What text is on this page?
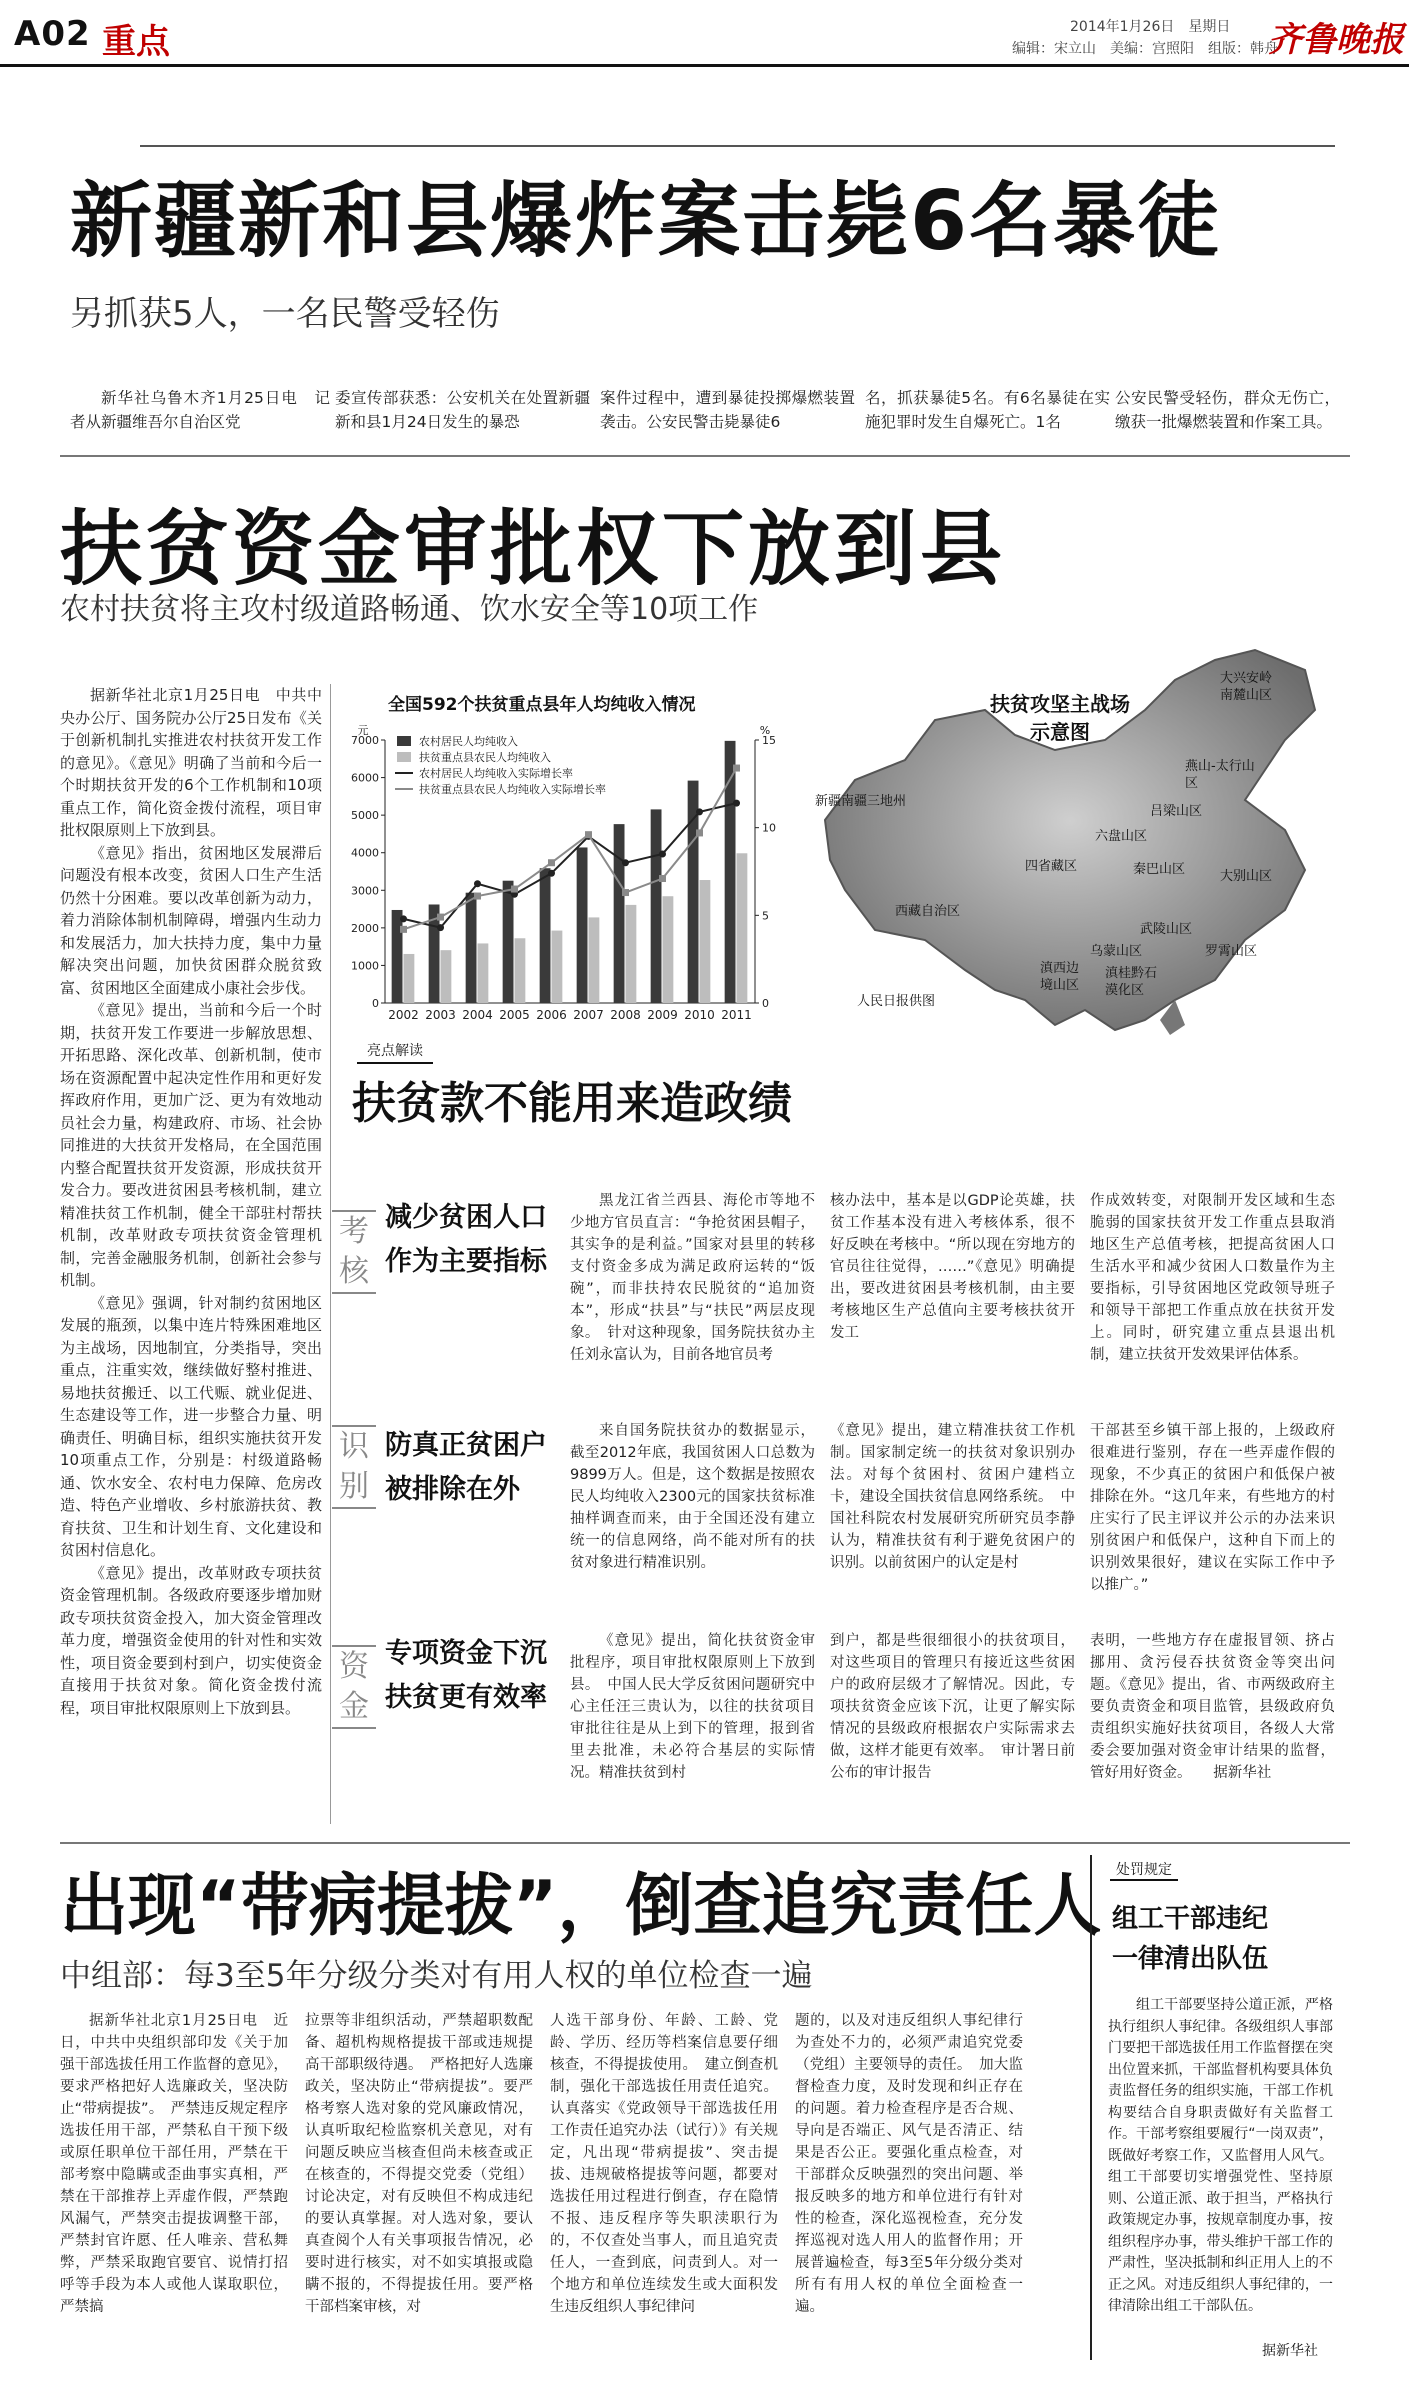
A02 重点	2014年1月26日　星期日
编辑：宋立山　美编：宫照阳　组版：韩舟
齐鲁晚报
新疆新和县爆炸案击毙6名暴徒
另抓获5人，一名民警受轻伤

新华社乌鲁木齐1月25日电　记者从新疆维吾尔自治区党

委宣传部获悉：公安机关在处置新疆新和县1月24日发生的暴恐

案件过程中，遭到暴徒投掷爆燃装置袭击。公安民警击毙暴徒6

名，抓获暴徒5名。有6名暴徒在实施犯罪时发生自爆死亡。1名

公安民警受轻伤，群众无伤亡，缴获一批爆燃装置和作案工具。

扶贫资金审批权下放到县
农村扶贫将主攻村级道路畅通、饮水安全等10项工作

据新华社北京1月25日电　中共中央办公厅、国务院办公厅25日发布《关于创新机制扎实推进农村扶贫开发工作的意见》。《意见》明确了当前和今后一个时期扶贫开发的6个工作机制和10项重点工作，简化资金拨付流程，项目审批权限原则上下放到县。

《意见》指出，贫困地区发展滞后问题没有根本改变，贫困人口生产生活仍然十分困难。要以改革创新为动力，着力消除体制机制障碍，增强内生动力和发展活力，加大扶持力度，集中力量解决突出问题，加快贫困群众脱贫致富、贫困地区全面建成小康社会步伐。

《意见》提出，当前和今后一个时期，扶贫开发工作要进一步解放思想、开拓思路、深化改革、创新机制，使市场在资源配置中起决定性作用和更好发挥政府作用，更加广泛、更为有效地动员社会力量，构建政府、市场、社会协同推进的大扶贫开发格局，在全国范围内整合配置扶贫开发资源，形成扶贫开发合力。要改进贫困县考核机制，建立精准扶贫工作机制，健全干部驻村帮扶机制，改革财政专项扶贫资金管理机制，完善金融服务机制，创新社会参与机制。

《意见》强调，针对制约贫困地区发展的瓶颈，以集中连片特殊困难地区为主战场，因地制宜，分类指导，突出重点，注重实效，继续做好整村推进、易地扶贫搬迁、以工代赈、就业促进、生态建设等工作，进一步整合力量、明确责任、明确目标，组织实施扶贫开发10项重点工作，分别是：村级道路畅通、饮水安全、农村电力保障、危房改造、特色产业增收、乡村旅游扶贫、教育扶贫、卫生和计划生育、文化建设和贫困村信息化。

《意见》提出，改革财政专项扶贫资金管理机制。各级政府要逐步增加财政专项扶贫资金投入，加大资金管理改革力度，增强资金使用的针对性和实效性，项目资金要到村到户，切实使资金直接用于扶贫对象。简化资金拨付流程，项目审批权限原则上下放到县。

全国592个扶贫重点县年人均纯收入情况
0
1000
2000
3000
4000
5000
6000
7000
元
0
5
10
15
%
2002 2003 2004 2005 2006 2007 2008 2009 2010 2011
农村居民人均纯收入
扶贫重点县农民人均纯收入
农村居民人均纯收入实际增长率
扶贫重点县农民人均纯收入实际增长率
扶贫攻坚主战场
示意图
大兴安岭南麓山区
新疆南疆三地州
燕山-太行山区
吕梁山区
六盘山区
四省藏区	秦巴山区	大别山区
西藏自治区
武陵山区
乌蒙山区	罗霄山区
滇西边境山区
滇桂黔石漠化区
人民日报供图
亮点解读
扶贫款不能用来造政绩
考
核
减少贫困人口
作为主要指标

黑龙江省兰西县、海伦市等地不少地方官员直言：“争抢贫困县帽子，其实争的是利益。”国家对县里的转移支付资金多成为满足政府运转的“饭碗”，而非扶持农民脱贫的“追加资本”，形成“扶县”与“扶民”两层皮现象。　针对这种现象，国务院扶贫办主任刘永富认为，目前各地官员考

核办法中，基本是以GDP论英雄，扶贫工作基本没有进入考核体系，很不好反映在考核中。“所以现在穷地方的官员往往觉得，……”《意见》明确提出，要改进贫困县考核机制，由主要考核地区生产总值向主要考核扶贫开发工

作成效转变，对限制开发区域和生态脆弱的国家扶贫开发工作重点县取消地区生产总值考核，把提高贫困人口生活水平和减少贫困人口数量作为主要指标，引导贫困地区党政领导班子和领导干部把工作重点放在扶贫开发上。同时，研究建立重点县退出机制，建立扶贫开发效果评估体系。

识
别
防真正贫困户
被排除在外

来自国务院扶贫办的数据显示，截至2012年底，我国贫困人口总数为9899万人。但是，这个数据是按照农民人均纯收入2300元的国家扶贫标准抽样调查而来，由于全国还没有建立统一的信息网络，尚不能对所有的扶贫对象进行精准识别。

《意见》提出，建立精准扶贫工作机制。国家制定统一的扶贫对象识别办法。对每个贫困村、贫困户建档立卡，建设全国扶贫信息网络系统。　中国社科院农村发展研究所研究员李静认为，精准扶贫有利于避免贫困户的识别。以前贫困户的认定是村

干部甚至乡镇干部上报的，上级政府很难进行鉴别，存在一些弄虚作假的现象，不少真正的贫困户和低保户被排除在外。“这几年来，有些地方的村庄实行了民主评议并公示的办法来识别贫困户和低保户，这种自下而上的识别效果很好，建议在实际工作中予以推广。”

资
金
专项资金下沉
扶贫更有效率

《意见》提出，简化扶贫资金审批程序，项目审批权限原则上下放到县。　中国人民大学反贫困问题研究中心主任汪三贵认为，以往的扶贫项目审批往往是从上到下的管理，报到省里去批准，未必符合基层的实际情况。精准扶贫到村

到户，都是些很细很小的扶贫项目，对这些项目的管理只有接近这些贫困户的政府层级才了解情况。因此，专项扶贫资金应该下沉，让更了解实际情况的县级政府根据农户实际需求去做，这样才能更有效率。　审计署日前公布的审计报告

表明，一些地方存在虚报冒领、挤占挪用、贪污侵吞扶贫资金等突出问题。《意见》提出，省、市两级政府主要负责资金和项目监管，县级政府负责组织实施好扶贫项目，各级人大常委会要加强对资金审计结果的监督，管好用好资金。　　据新华社

出现“带病提拔”，倒查追究责任人
中组部：每3至5年分级分类对有用人权的单位检查一遍

据新华社北京1月25日电　近日，中共中央组织部印发《关于加强干部选拔任用工作监督的意见》，要求严格把好人选廉政关，坚决防止“带病提拔”。　严禁违反规定程序选拔任用干部，严禁私自干预下级或原任职单位干部任用，严禁在干部考察中隐瞒或歪曲事实真相，严禁在干部推荐上弄虚作假，严禁跑风漏气，严禁突击提拔调整干部，严禁封官许愿、任人唯亲、营私舞弊，严禁采取跑官要官、说情打招呼等手段为本人或他人谋取职位，严禁搞

拉票等非组织活动，严禁超职数配备、超机构规格提拔干部或违规提高干部职级待遇。　严格把好人选廉政关，坚决防止“带病提拔”。要严格考察人选对象的党风廉政情况，认真听取纪检监察机关意见，对有问题反映应当核查但尚未核查或正在核查的，不得提交党委（党组）讨论决定，对有反映但不构成违纪的要认真掌握。对人选对象，要认真查阅个人有关事项报告情况，必要时进行核实，对不如实填报或隐瞒不报的，不得提拔任用。要严格干部档案审核，对

人选干部身份、年龄、工龄、党龄、学历、经历等档案信息要仔细核查，不得提拔使用。　建立倒查机制，强化干部选拔任用责任追究。认真落实《党政领导干部选拔任用工作责任追究办法（试行）》有关规定，凡出现“带病提拔”、突击提拔、违规破格提拔等问题，都要对选拔任用过程进行倒查，存在隐情不报、违反程序等失职渎职行为的，不仅查处当事人，而且追究责任人，一查到底，问责到人。对一个地方和单位连续发生或大面积发生违反组织人事纪律问

题的，以及对违反组织人事纪律行为查处不力的，必须严肃追究党委（党组）主要领导的责任。　加大监督检查力度，及时发现和纠正存在的问题。着力检查程序是否合规、导向是否端正、风气是否清正、结果是否公正。要强化重点检查，对干部群众反映强烈的突出问题、举报反映多的地方和单位进行有针对性的检查，深化巡视检查，充分发挥巡视对选人用人的监督作用；开展普遍检查，每3至5年分级分类对所有有用人权的单位全面检查一遍。

处罚规定
组工干部违纪
一律清出队伍

组工干部要坚持公道正派，严格执行组织人事纪律。各级组织人事部门要把干部选拔任用工作监督摆在突出位置来抓，干部监督机构要具体负责监督任务的组织实施，干部工作机构要结合自身职责做好有关监督工作。干部考察组要履行“一岗双责”，既做好考察工作，又监督用人风气。组工干部要切实增强党性、坚持原则、公道正派、敢于担当，严格执行政策规定办事，按规章制度办事，按组织程序办事，带头维护干部工作的严肃性，坚决抵制和纠正用人上的不正之风。对违反组织人事纪律的，一律清除出组工干部队伍。

据新华社
